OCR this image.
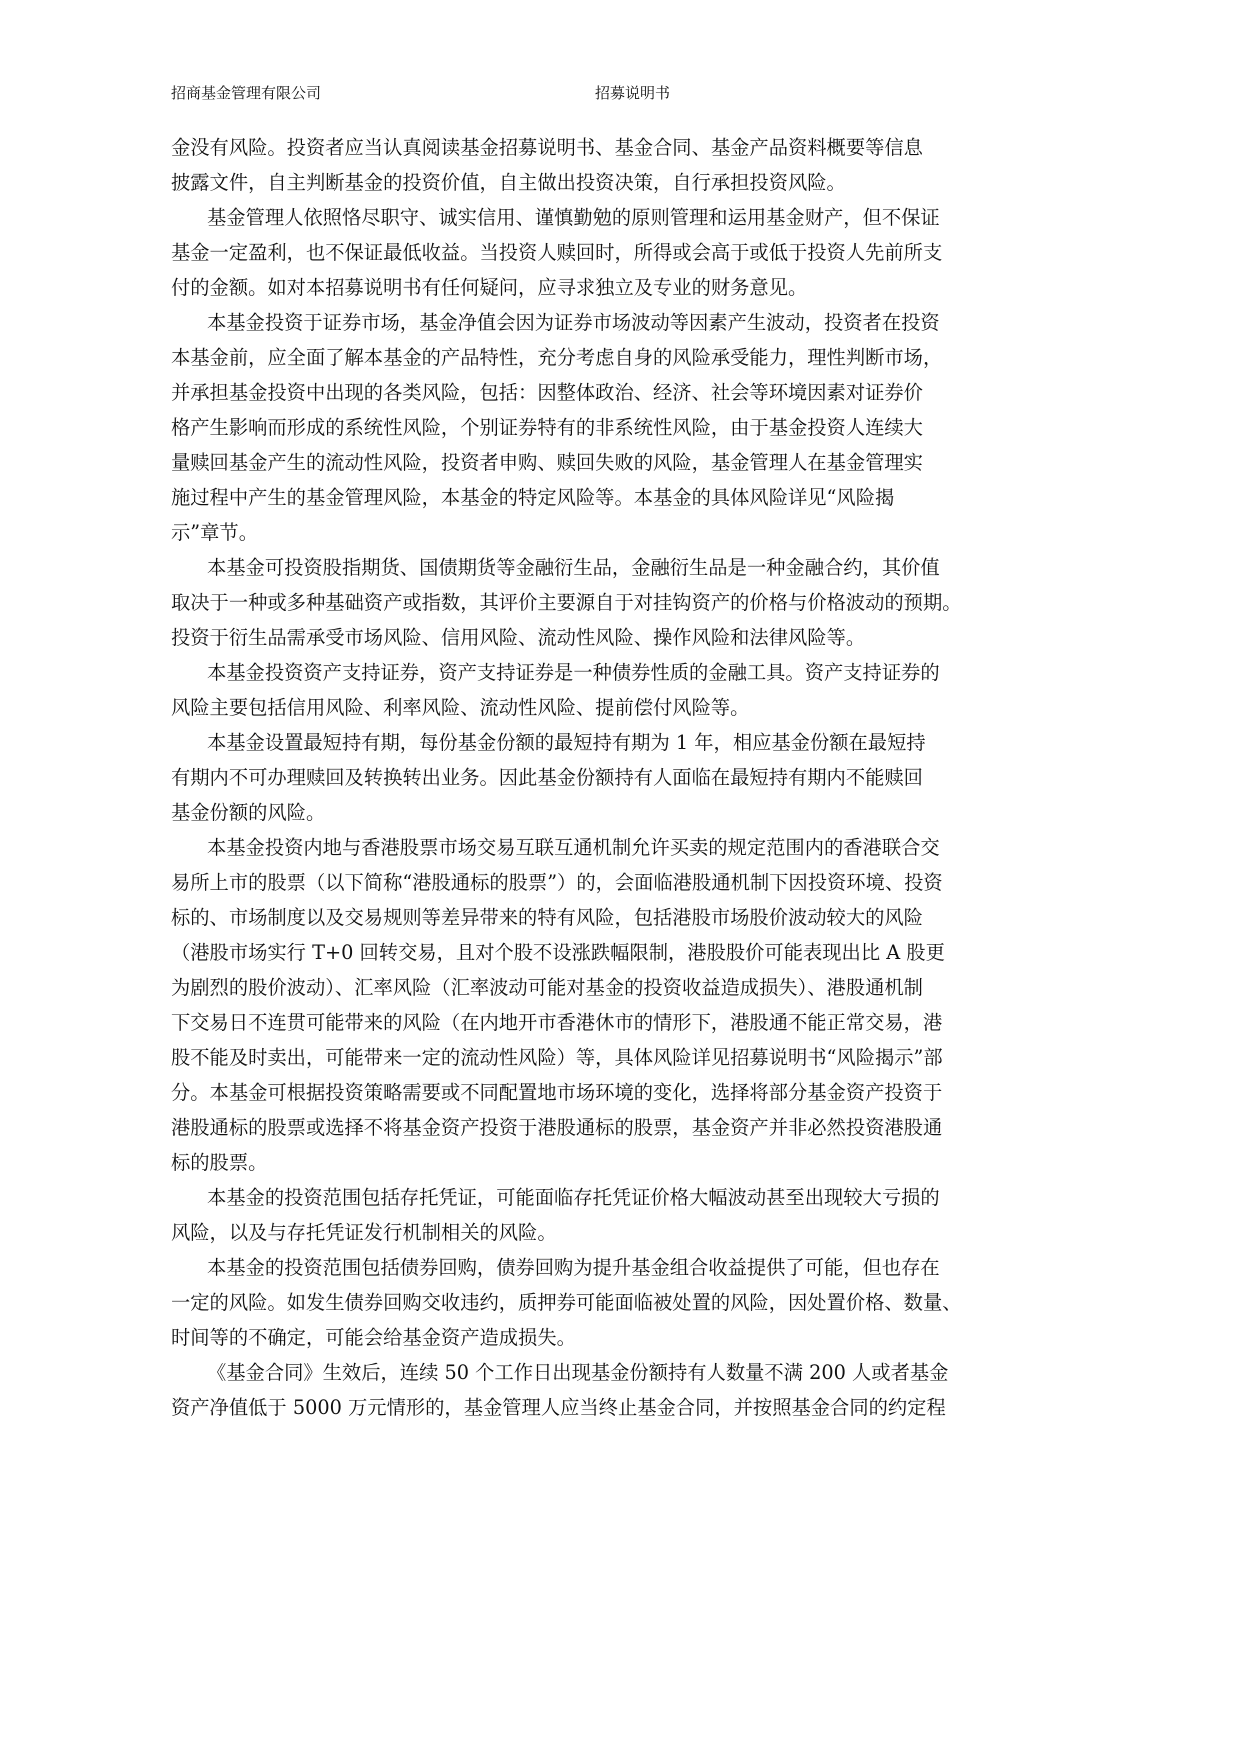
招商基金管理有限公司	招募说明书
金没有风险。投资者应当认真阅读基金招募说明书、基金合同、基金产品资料概要等信息
披露文件，自主判断基金的投资价值，自主做出投资决策，自行承担投资风险。
基金管理人依照恪尽职守、诚实信用、谨慎勤勉的原则管理和运用基金财产，但不保证
基金一定盈利，也不保证最低收益。当投资人赎回时，所得或会高于或低于投资人先前所支
付的金额。如对本招募说明书有任何疑问，应寻求独立及专业的财务意见。
本基金投资于证券市场，基金净值会因为证券市场波动等因素产生波动，投资者在投资
本基金前，应全面了解本基金的产品特性，充分考虑自身的风险承受能力，理性判断市场，
并承担基金投资中出现的各类风险，包括：因整体政治、经济、社会等环境因素对证券价
格产生影响而形成的系统性风险，个别证券特有的非系统性风险，由于基金投资人连续大
量赎回基金产生的流动性风险，投资者申购、赎回失败的风险，基金管理人在基金管理实
施过程中产生的基金管理风险，本基金的特定风险等。本基金的具体风险详见“风险揭
示”章节。
本基金可投资股指期货、国债期货等金融衍生品，金融衍生品是一种金融合约，其价值
取决于一种或多种基础资产或指数，其评价主要源自于对挂钩资产的价格与价格波动的预期。
投资于衍生品需承受市场风险、信用风险、流动性风险、操作风险和法律风险等。
本基金投资资产支持证券，资产支持证券是一种债券性质的金融工具。资产支持证券的
风险主要包括信用风险、利率风险、流动性风险、提前偿付风险等。
本基金设置最短持有期，每份基金份额的最短持有期为 1 年，相应基金份额在最短持
有期内不可办理赎回及转换转出业务。因此基金份额持有人面临在最短持有期内不能赎回
基金份额的风险。
本基金投资内地与香港股票市场交易互联互通机制允许买卖的规定范围内的香港联合交
易所上市的股票（以下简称“港股通标的股票”）的，会面临港股通机制下因投资环境、投资
标的、市场制度以及交易规则等差异带来的特有风险，包括港股市场股价波动较大的风险
（港股市场实行 T+0 回转交易，且对个股不设涨跌幅限制，港股股价可能表现出比 A 股更
为剧烈的股价波动）、汇率风险（汇率波动可能对基金的投资收益造成损失）、港股通机制
下交易日不连贯可能带来的风险（在内地开市香港休市的情形下，港股通不能正常交易，港
股不能及时卖出，可能带来一定的流动性风险）等，具体风险详见招募说明书“风险揭示”部
分。本基金可根据投资策略需要或不同配置地市场环境的变化，选择将部分基金资产投资于
港股通标的股票或选择不将基金资产投资于港股通标的股票，基金资产并非必然投资港股通
标的股票。
本基金的投资范围包括存托凭证，可能面临存托凭证价格大幅波动甚至出现较大亏损的
风险，以及与存托凭证发行机制相关的风险。
本基金的投资范围包括债券回购，债券回购为提升基金组合收益提供了可能，但也存在
一定的风险。如发生债券回购交收违约，质押券可能面临被处置的风险，因处置价格、数量、
时间等的不确定，可能会给基金资产造成损失。
《基金合同》生效后，连续 50 个工作日出现基金份额持有人数量不满 200 人或者基金
资产净值低于 5000 万元情形的，基金管理人应当终止基金合同，并按照基金合同的约定程
